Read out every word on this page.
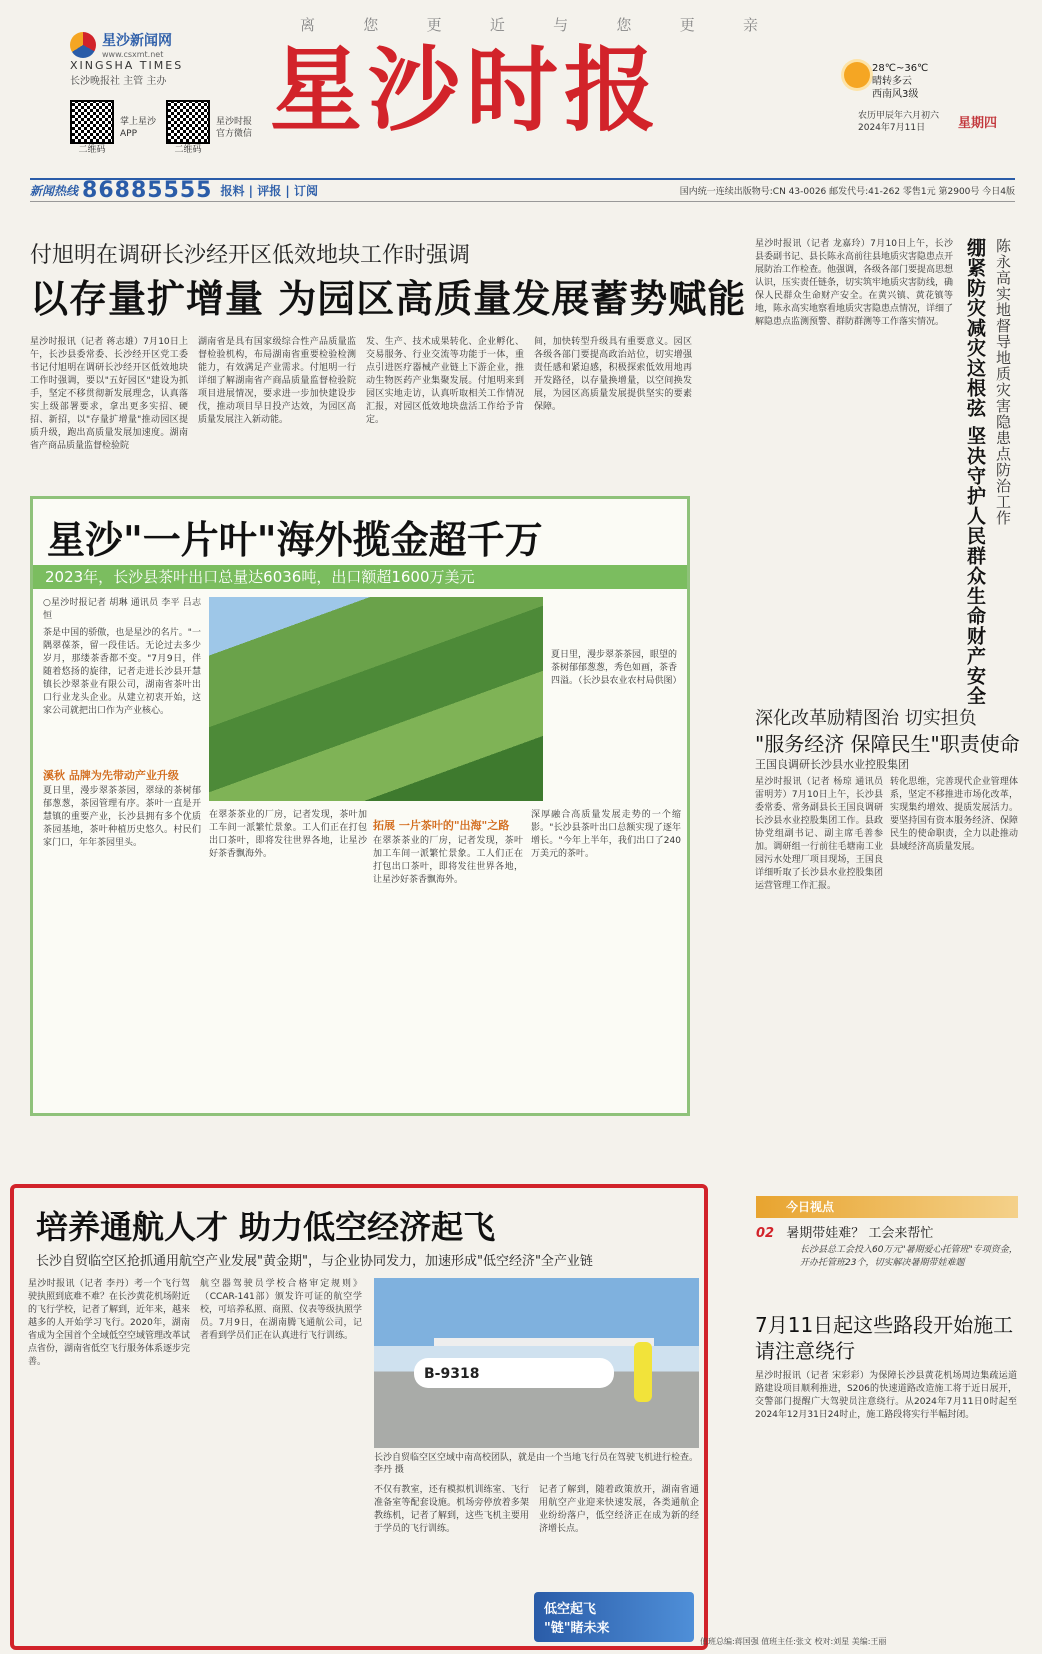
离	您	更	近	与	您	更	亲
星沙新闻网
www.csxmt.net
XINGSHA TIMES
长沙晚报社 主管 主办
二维码
掌上星沙APP
二维码
星沙时报官方微信 星沙时报	28℃~36℃
晴转多云
西南风3级
农历甲辰年六月初六
2024年7月11日	星期四
新闻热线 86885555 报料 | 评报 | 订阅	国内统一连续出版物号:CN 43-0026 邮发代号:41-262 零售1元 第2900号 今日4版
付旭明在调研长沙经开区低效地块工作时强调
以存量扩增量 为园区高质量发展蓄势赋能
星沙时报讯（记者 蒋志雄）7月10日上午，长沙县委常委、长沙经开区党工委书记付旭明在调研长沙经开区低效地块工作时强调，要以"五好园区"建设为抓手，坚定不移贯彻新发展理念，认真落实上级部署要求，拿出更多实招、硬招、新招，以"存量扩增量"推动园区提质升级，跑出高质量发展加速度。湖南省产商品质量监督检验院
湖南省是具有国家级综合性产品质量监督检验机构，布局湖南省重要检验检测能力，有效满足产业需求。付旭明一行详细了解湖南省产商品质量监督检验院项目进展情况，要求进一步加快建设步伐，推动项目早日投产达效，为园区高质量发展注入新动能。
发、生产、技术成果转化、企业孵化、交易服务、行业交流等功能于一体，重点引进医疗器械产业链上下游企业，推动生物医药产业集聚发展。付旭明来到园区实地走访，认真听取相关工作情况汇报，对园区低效地块盘活工作给予肯定。
间，加快转型升级具有重要意义。园区各级各部门要提高政治站位，切实增强责任感和紧迫感，积极探索低效用地再开发路径，以存量换增量，以空间换发展，为园区高质量发展提供坚实的要素保障。
星沙"一片叶"海外揽金超千万
2023年，长沙县茶叶出口总量达6036吨，出口额超1600万美元
○星沙时报记者 胡琳 通讯员 李平 吕志恒
茶是中国的骄傲，也是星沙的名片。"一隅翠葆茶，留一段佳话。无论过去多少岁月，那缕茶香都不变。"7月9日，伴随着悠扬的旋律，记者走进长沙县开慧镇长沙翠茶业有限公司，湖南省茶叶出口行业龙头企业。从建立初衷开始，这家公司就把出口作为产业核心。
夏日里，漫步翠茶茶园，眼望的茶树郁郁葱葱，秀色如画，茶香四溢。（长沙县农业农村局供图）
溪秋 品牌为先带动产业升级
夏日里，漫步翠茶茶园，翠绿的茶树郁郁葱葱，茶园管理有序。茶叶一直是开慧镇的重要产业，长沙县拥有多个优质茶园基地，茶叶种植历史悠久。村民们家门口，年年茶园里头。
拓展 一片茶叶的"出海"之路
在翠茶茶业的厂房，记者发现，茶叶加工车间一派繁忙景象。工人们正在打包出口茶叶，即将发往世界各地，让星沙好茶香飘海外。
在翠茶茶业的厂房，记者发现，茶叶加工车间一派繁忙景象。工人们正在打包出口茶叶，即将发往世界各地，让星沙好茶香飘海外。
深厚融合高质量发展走势的一个缩影。"长沙县茶叶出口总额实现了逐年增长。"今年上半年，我们出口了240万美元的茶叶。
绷紧防灾减灾这根弦 坚决守护人民群众生命财产安全 陈永高实地督导地质灾害隐患点防治工作
星沙时报讯（记者 龙嘉玲）7月10日上午，长沙县委副书记、县长陈永高前往县地质灾害隐患点开展防治工作检查。他强调，各级各部门要提高思想认识，压实责任链条，切实筑牢地质灾害防线，确保人民群众生命财产安全。在黄兴镇、黄花镇等地，陈永高实地察看地质灾害隐患点情况，详细了解隐患点监测预警、群防群测等工作落实情况。
深化改革励精图治 切实担负
"服务经济 保障民生"职责使命
王国良调研长沙县水业控股集团
星沙时报讯（记者 杨琼 通讯员 雷明芳）7月10日上午，长沙县委常委、常务副县长王国良调研长沙县水业控股集团工作。县政协党组副书记、副主席毛善参加。调研组一行前往毛塘南工业园污水处理厂项目现场，王国良详细听取了长沙县水业控股集团运营管理工作汇报。
转化思维，完善现代企业管理体系，坚定不移推进市场化改革，实现集约增效、提质发展活力。要坚持国有资本服务经济、保障民生的使命职责，全力以赴推动县域经济高质量发展。
培养通航人才 助力低空经济起飞
长沙自贸临空区抢抓通用航空产业发展"黄金期"，与企业协同发力，加速形成"低空经济"全产业链
星沙时报讯（记者 李丹）考一个飞行驾驶执照到底难不难？在长沙黄花机场附近的飞行学校，记者了解到，近年来，越来越多的人开始学习飞行。2020年，湖南省成为全国首个全域低空空域管理改革试点省份，湖南省低空飞行服务体系逐步完善。
航空器驾驶员学校合格审定规则》（CCAR-141部）颁发许可证的航空学校，可培养私照、商照、仪表等级执照学员。7月9日，在湖南腾飞通航公司，记者看到学员们正在认真进行飞行训练。
B-9318
长沙自贸临空区空域中南高校团队，就是由一个当地飞行员在驾驶飞机进行检查。李丹 摄
不仅有教室，还有模拟机训练室、飞行准备室等配套设施。机场旁停放着多架教练机，记者了解到，这些飞机主要用于学员的飞行训练。
记者了解到，随着政策放开，湖南省通用航空产业迎来快速发展，各类通航企业纷纷落户，低空经济正在成为新的经济增长点。
低空起飞
"链"睹未来
今日视点
02 暑期带娃难？ 工会来帮忙
长沙县总工会投入60万元"暑期爱心托管班"专项资金，开办托管班23个，切实解决暑期带娃难题
7月11日起这些路段开始施工 请注意绕行
星沙时报讯（记者 宋彩彩）为保障长沙县黄花机场周边集疏运道路建设项目顺利推进，S206的快速道路改造施工将于近日展开，交警部门提醒广大驾驶员注意绕行。从2024年7月11日0时起至2024年12月31日24时止，施工路段将实行半幅封闭。
值班总编:蒋国强 值班主任:张文 校对:刘星 美编:王丽
